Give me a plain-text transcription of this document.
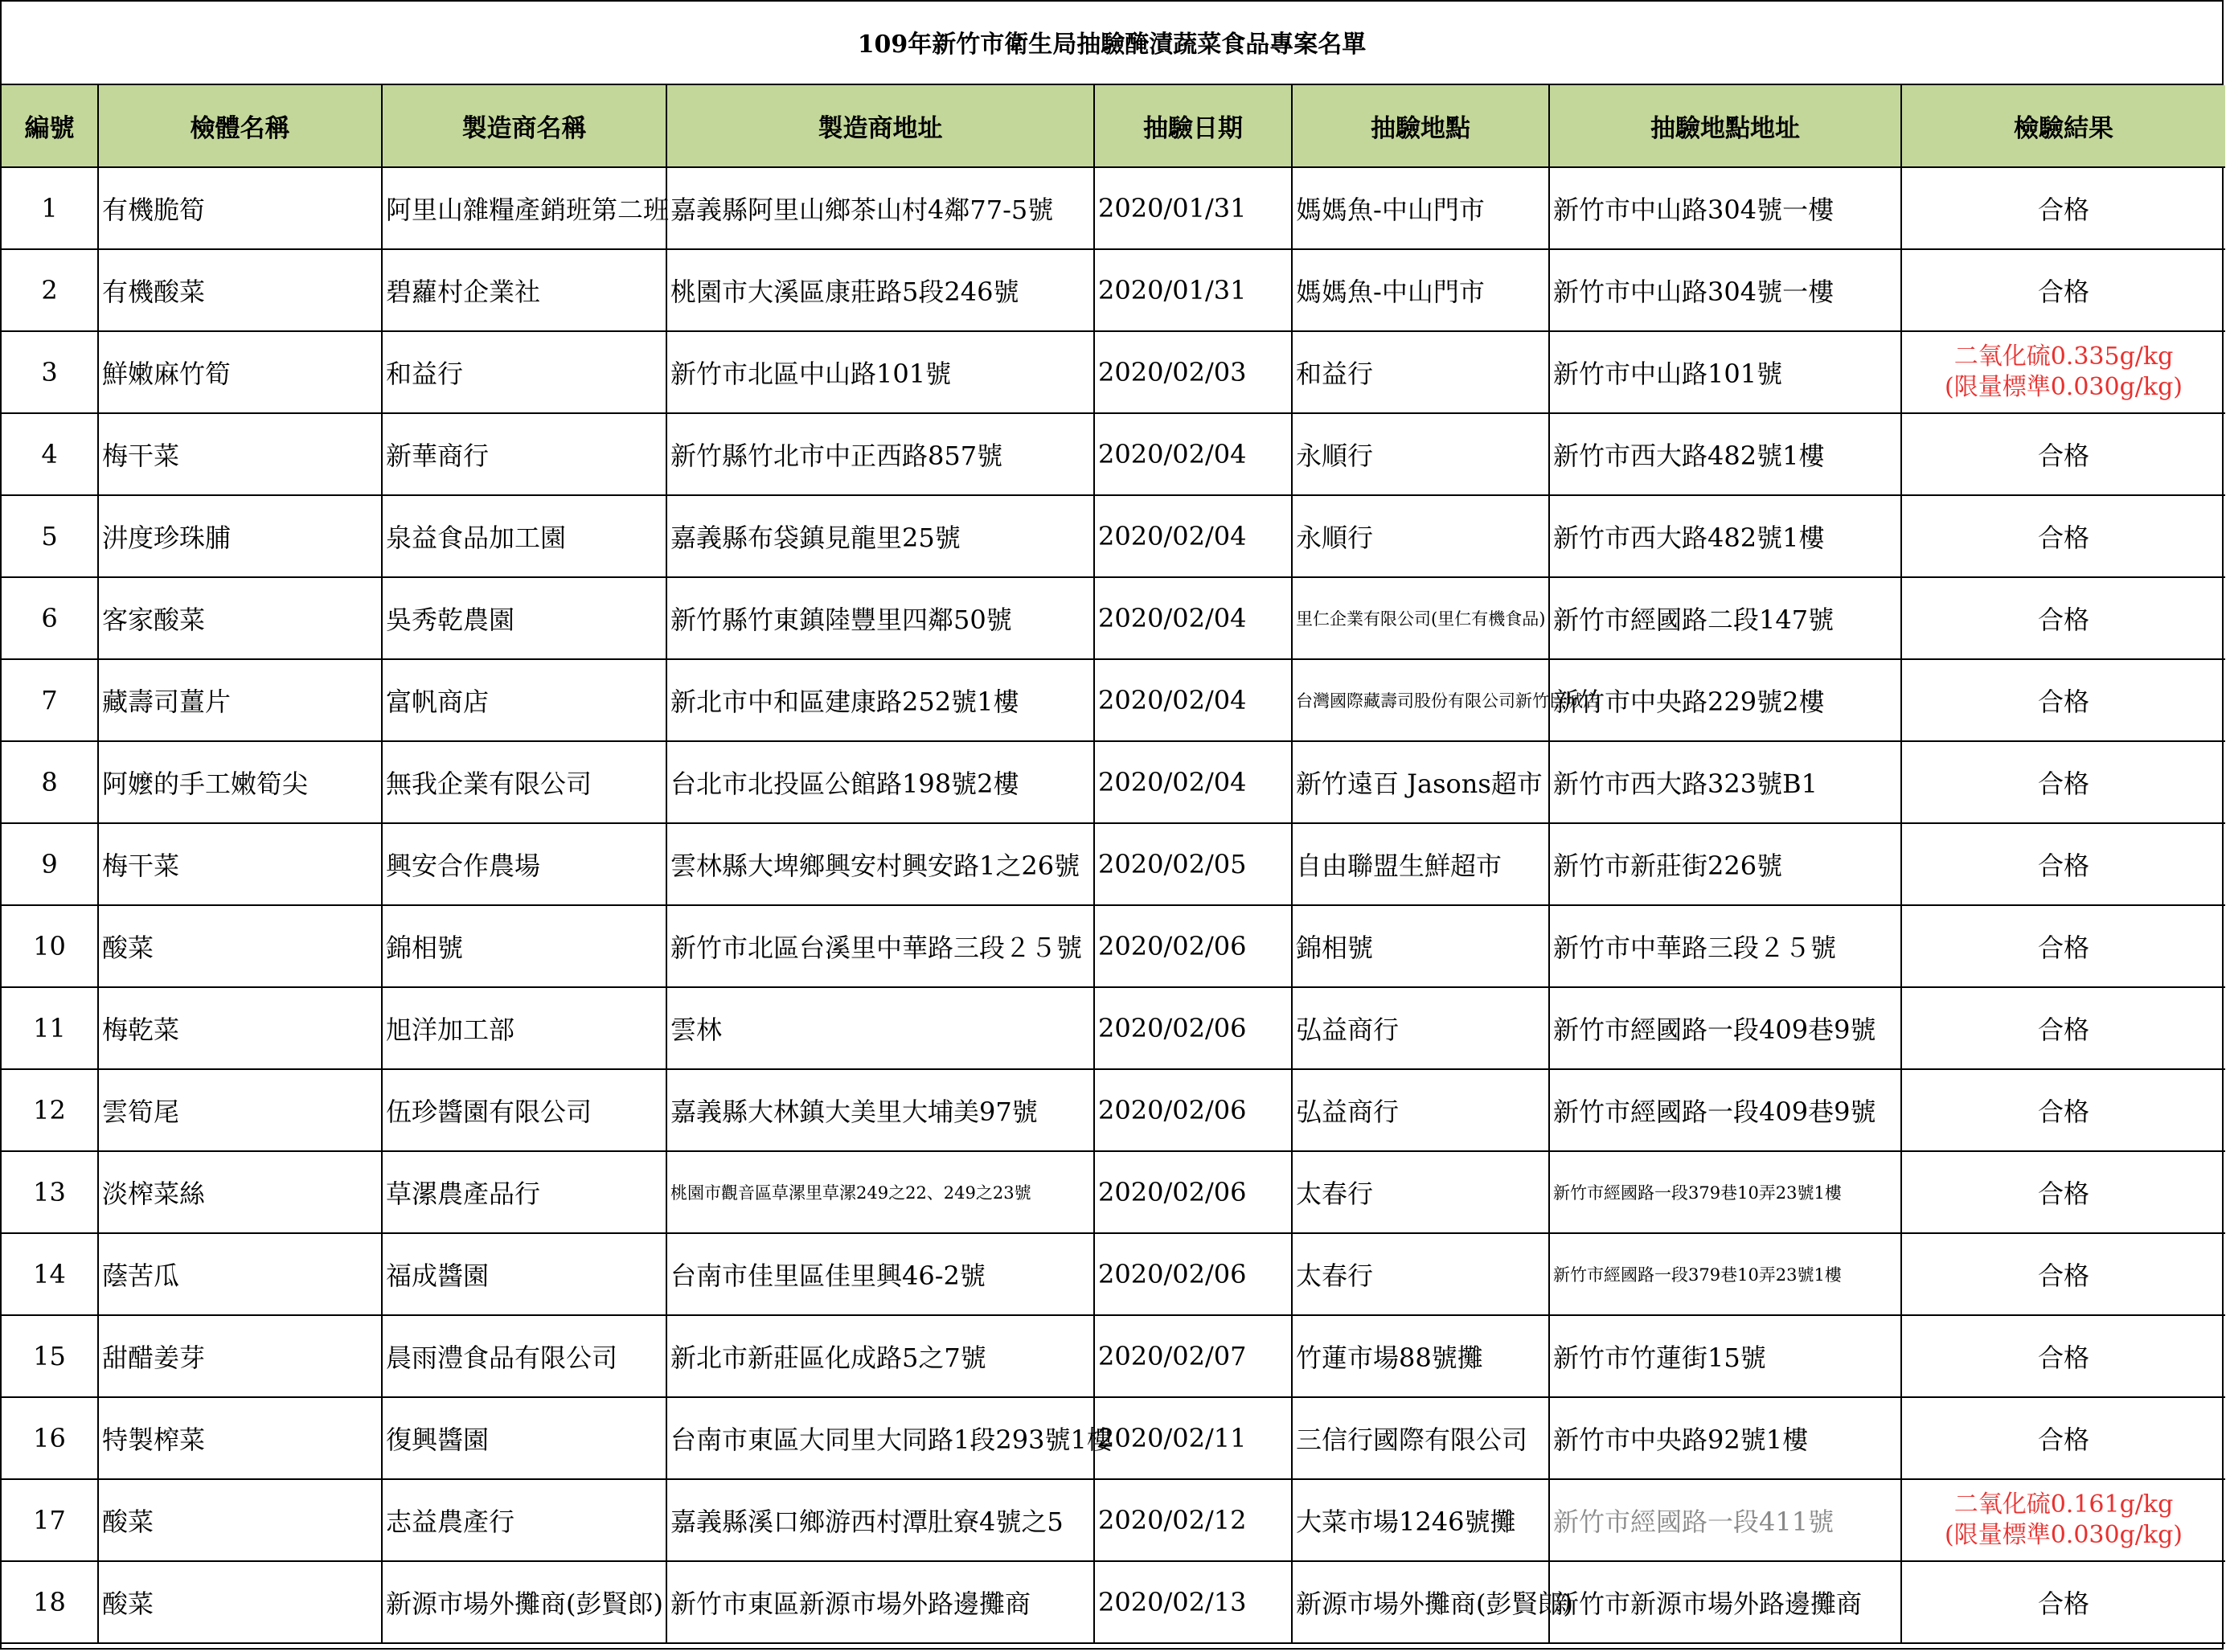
109年新竹市衛生局抽驗醃漬蔬菜食品專案名單
編號	檢體名稱	製造商名稱	製造商地址	抽驗日期	抽驗地點	抽驗地點地址	檢驗結果
1	有機脆筍	阿里山雜糧產銷班第二班	嘉義縣阿里山鄉茶山村4鄰77-5號	2020/01/31	媽媽魚-中山門市	新竹市中山路304號一樓	合格
2	有機酸菜	碧蘿村企業社	桃園市大溪區康莊路5段246號	2020/01/31	媽媽魚-中山門市	新竹市中山路304號一樓	合格
3	鮮嫩麻竹筍	和益行	新竹市北區中山路101號	2020/02/03	和益行	新竹市中山路101號	二氧化硫0.335g/kg
(限量標準0.030g/kg)

4	梅干菜	新華商行	新竹縣竹北市中正西路857號	2020/02/04	永順行	新竹市西大路482號1樓	合格
5	汫度珍珠脯	泉益食品加工園	嘉義縣布袋鎮見龍里25號	2020/02/04	永順行	新竹市西大路482號1樓	合格
6	客家酸菜	吳秀乾農園	新竹縣竹東鎮陸豐里四鄰50號	2020/02/04	里仁企業有限公司(里仁有機食品)	新竹市經國路二段147號	合格
7	藏壽司薑片	富帆商店	新北市中和區建康路252號1樓	2020/02/04	台灣國際藏壽司股份有限公司新竹巨城店	新竹市中央路229號2樓	合格
8	阿嬤的手工嫩筍尖	無我企業有限公司	台北市北投區公館路198號2樓	2020/02/04	新竹遠百 Jasons超市	新竹市西大路323號B1	合格
9	梅干菜	興安合作農場	雲林縣大埤鄉興安村興安路1之26號	2020/02/05	自由聯盟生鮮超市	新竹市新莊街226號	合格
10	酸菜	錦相號	新竹市北區台溪里中華路三段２５號	2020/02/06	錦相號	新竹市中華路三段２５號	合格
11	梅乾菜	旭洋加工部	雲林	2020/02/06	弘益商行	新竹市經國路一段409巷9號	合格
12	雲筍尾	伍珍醬園有限公司	嘉義縣大林鎮大美里大埔美97號	2020/02/06	弘益商行	新竹市經國路一段409巷9號	合格
13	淡榨菜絲	草漯農產品行	桃園市觀音區草漯里草漯249之22、249之23號	2020/02/06	太春行	新竹市經國路一段379巷10弄23號1樓	合格
14	蔭苦瓜	福成醬園	台南市佳里區佳里興46-2號	2020/02/06	太春行	新竹市經國路一段379巷10弄23號1樓	合格
15	甜醋姜芽	晨雨澧食品有限公司	新北市新莊區化成路5之7號	2020/02/07	竹蓮市場88號攤	新竹市竹蓮街15號	合格
16	特製榨菜	復興醬園	台南市東區大同里大同路1段293號1樓	2020/02/11	三信行國際有限公司	新竹市中央路92號1樓	合格
17	酸菜	志益農產行	嘉義縣溪口鄉游西村潭肚寮4號之5	2020/02/12	大菜市場1246號攤	新竹市經國路一段411號	二氧化硫0.161g/kg
(限量標準0.030g/kg)

18	酸菜	新源市場外攤商(彭賢郎)	新竹市東區新源市場外路邊攤商	2020/02/13	新源市場外攤商(彭賢郎)	新竹市新源市場外路邊攤商	合格
